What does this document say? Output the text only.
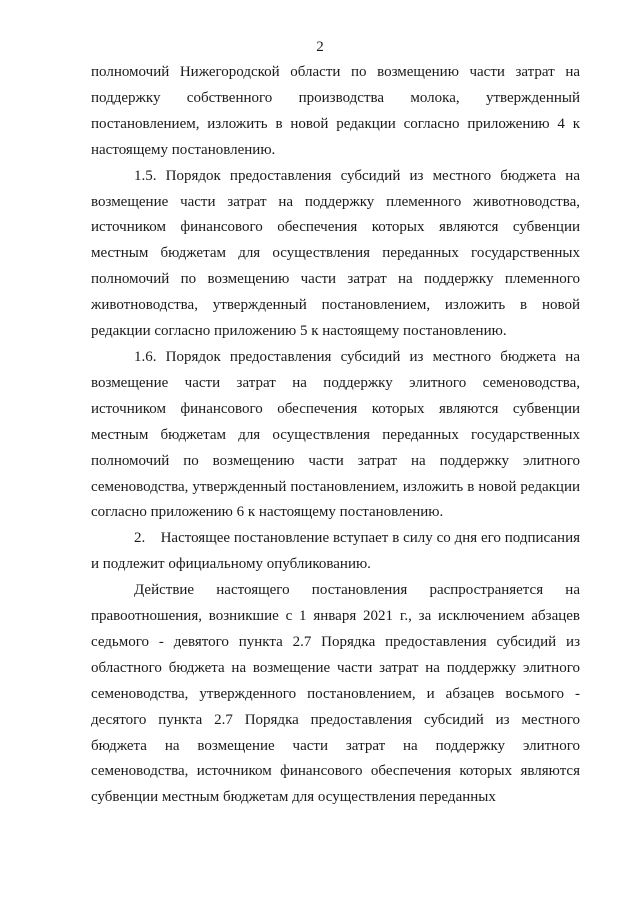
2

полномочий Нижегородской области по возмещению части затрат на поддержку собственного производства молока, утвержденный постановлением, изложить в новой редакции согласно приложению 4 к настоящему постановлению.

1.5. Порядок предоставления субсидий из местного бюджета на возмещение части затрат на поддержку племенного животноводства, источником финансового обеспечения которых являются субвенции местным бюджетам для осуществления переданных государственных полномочий по возмещению части затрат на поддержку племенного животноводства, утвержденный постановлением, изложить в новой редакции согласно приложению 5 к настоящему постановлению.

1.6. Порядок предоставления субсидий из местного бюджета на возмещение части затрат на поддержку элитного семеноводства, источником финансового обеспечения которых являются субвенции местным бюджетам для осуществления переданных государственных полномочий по возмещению части затрат на поддержку элитного семеноводства, утвержденный постановлением, изложить в новой редакции согласно приложению 6 к настоящему постановлению.

2.    Настоящее постановление вступает в силу со дня его подписания и подлежит официальному опубликованию.

Действие настоящего постановления распространяется на правоотношения, возникшие с 1 января 2021 г., за исключением абзацев седьмого - девятого пункта 2.7 Порядка предоставления субсидий из областного бюджета на возмещение части затрат на поддержку элитного семеноводства, утвержденного постановлением, и абзацев восьмого - десятого пункта 2.7 Порядка предоставления субсидий из местного бюджета на возмещение части затрат на поддержку элитного семеноводства, источником финансового обеспечения которых являются субвенции местным бюджетам для осуществления переданных
